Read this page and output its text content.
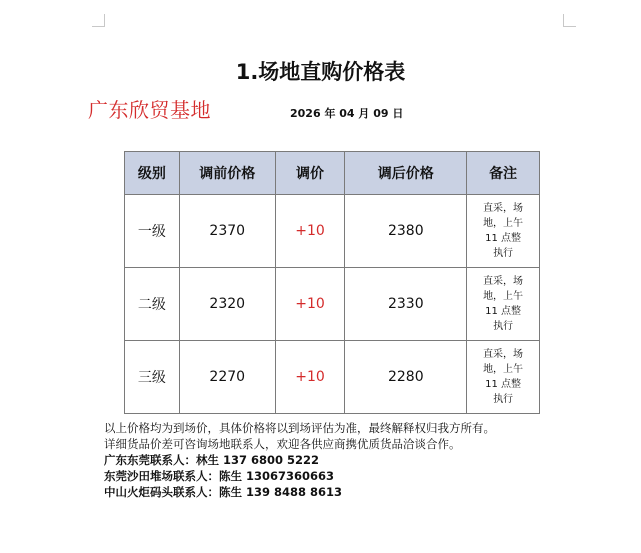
1.场地直购价格表
广东欣贸基地	2026 年 04 月 09 日
级别	调前价格	调价	调后价格	备注
一级	2370	+10	2380	直采，场
地，上午
11 点整
执行

二级	2320	+10	2330	直采，场
地，上午
11 点整
执行

三级	2270	+10	2280	直采，场
地，上午
11 点整
执行
以上价格均为到场价，具体价格将以到场评估为准，最终解释权归我方所有。
详细货品价差可咨询场地联系人，欢迎各供应商携优质货品洽谈合作。
广东东莞联系人：林生 137 6800 5222
东莞沙田堆场联系人：陈生 13067360663
中山火炬码头联系人：陈生 139 8488 8613
